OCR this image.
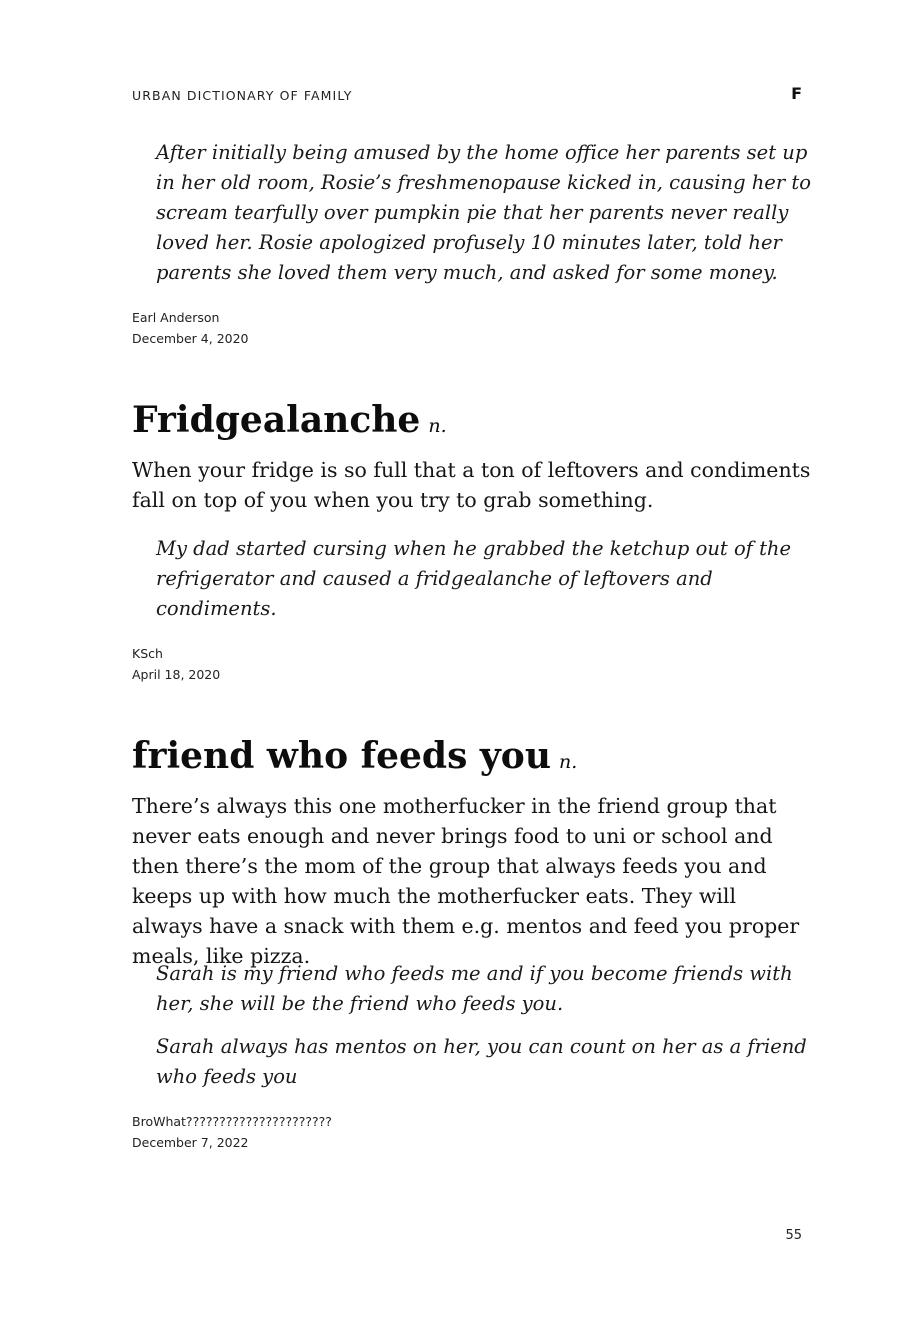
URBAN DICTIONARY OF FAMILY	F
After initially being amused by the home office her parents set up in her old room, Rosie’s freshmenopause kicked in, causing her to scream tearfully over pumpkin pie that her parents never really loved her. Rosie apologized profusely 10 minutes later, told her parents she loved them very much, and asked for some money.
Earl Anderson
December 4, 2020
Fridgealanche n.
When your fridge is so full that a ton of leftovers and condiments fall on top of you when you try to grab something.
My dad started cursing when he grabbed the ketchup out of the refrigerator and caused a fridgealanche of leftovers and condiments.
KSch
April 18, 2020
friend who feeds you n.
There’s always this one motherfucker in the friend group that never eats enough and never brings food to uni or school and then there’s the mom of the group that always feeds you and keeps up with how much the motherfucker eats. They will always have a snack with them e.g. mentos and feed you proper meals, like pizza.
Sarah is my friend who feeds me and if you become friends with her, she will be the friend who feeds you.
Sarah always has mentos on her, you can count on her as a friend who feeds you
BroWhat??????????????????????
December 7, 2022
55
